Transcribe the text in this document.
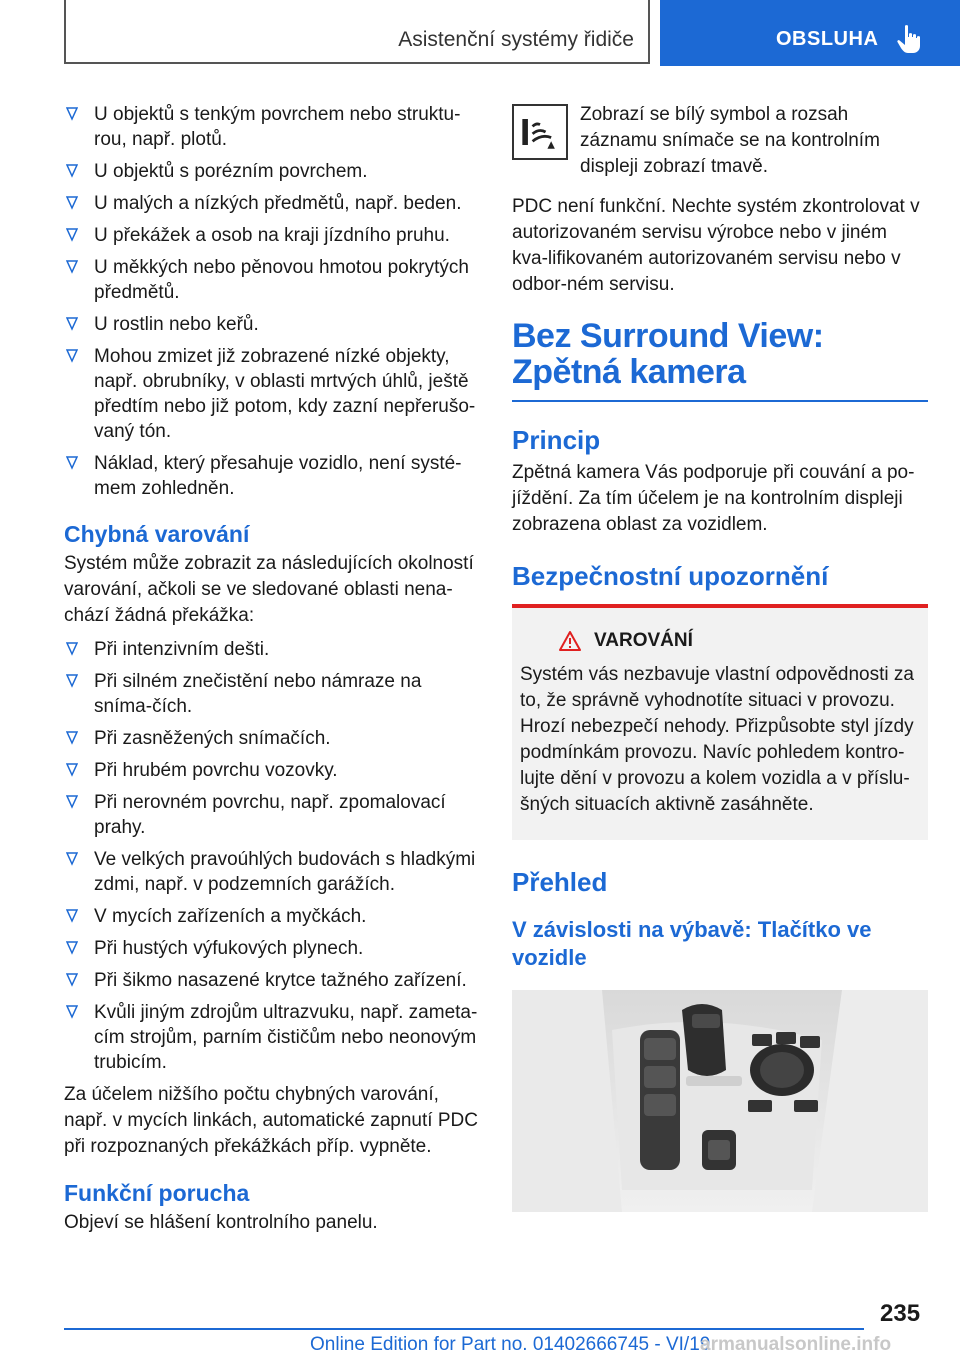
Asistenční systémy řidiče	OBSLUHA
U objektů s tenkým povrchem nebo struktu-rou, např. plotů.
U objektů s porézním povrchem.
U malých a nízkých předmětů, např. beden.
U překážek a osob na kraji jízdního pruhu.
U měkkých nebo pěnovou hmotou pokrytých předmětů.
U rostlin nebo keřů.
Mohou zmizet již zobrazené nízké objekty, např. obrubníky, v oblasti mrtvých úhlů, ještě předtím nebo již potom, kdy zazní nepřerušo-vaný tón.
Náklad, který přesahuje vozidlo, není systé-mem zohledněn.
Chybná varování

Systém může zobrazit za následujících okolností varování, ačkoli se ve sledované oblasti nena-chází žádná překážka:

Při intenzivním dešti.
Při silném znečistění nebo námraze na sníma-čích.
Při zasněžených snímačích.
Při hrubém povrchu vozovky.
Při nerovném povrchu, např. zpomalovací prahy.
Ve velkých pravoúhlých budovách s hladkými zdmi, např. v podzemních garážích.
V mycích zařízeních a myčkách.
Při hustých výfukových plynech.
Při šikmo nasazené krytce tažného zařízení.
Kvůli jiným zdrojům ultrazvuku, např. zameta-cím strojům, parním čističům nebo neonovým trubicím.

Za účelem nižšího počtu chybných varování, např. v mycích linkách, automatické zapnutí PDC při rozpoznaných překážkách příp. vypněte.

Funkční porucha

Objeví se hlášení kontrolního panelu.

Zobrazí se bílý symbol a rozsah záznamu snímače se na kontrolním displeji zobrazí tmavě.

PDC není funkční. Nechte systém zkontrolovat v autorizovaném servisu výrobce nebo v jiném kva-lifikovaném autorizovaném servisu nebo v odbor-ném servisu.

Bez Surround View: Zpětná kamera
Princip

Zpětná kamera Vás podporuje při couvání a po-jíždění. Za tím účelem je na kontrolním displeji zobrazena oblast za vozidlem.

Bezpečnostní upozornění
VAROVÁNÍ

Systém vás nezbavuje vlastní odpovědnosti za to, že správně vyhodnotíte situaci v provozu. Hrozí nebezpečí nehody. Přizpůsobte styl jízdy podmínkám provozu. Navíc pohledem kontro-lujte dění v provozu a kolem vozidla a v příslu-šných situacích aktivně zasáhněte.

Přehled
V závislosti na výbavě: Tlačítko ve vozidle
235
Online Edition for Part no. 01402666745 - VI/19
armanualsonline.info
